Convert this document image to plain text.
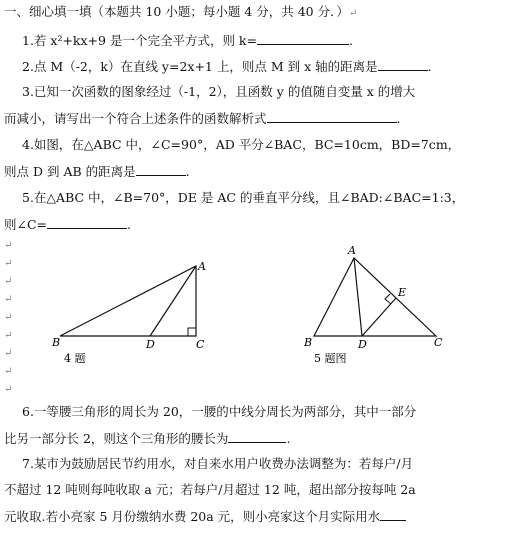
一、细心填一填（本题共 10 小题；每小题 4 分，共 40 分．）↵
1.若 x²+kx+9 是一个完全平方式，则 k=	.
2.点 M（-2，k）在直线 y=2x+1 上，则点 M 到 x 轴的距离是	.
3.已知一次函数的图象经过（-1，2），且函数 y 的值随自变量 x 的增大
而减小，请写出一个符合上述条件的函数解析式	.
4.如图，在△ABC 中，∠C=90°，AD 平分∠BAC，BC=10cm，BD=7cm，
则点 D 到 AB 的距离是	.
5.在△ABC 中，∠B=70°，DE 是 AC 的垂直平分线，且∠BAD:∠BAC=1:3，
则∠C=	.
↵
↵
↵
↵
↵
↵
↵
↵
↵
A
B	D	C
4 题
A
B	D	C
E
5 题图
6.一等腰三角形的周长为 20，一腰的中线分周长为两部分，其中一部分
比另一部分长 2，则这个三角形的腰长为	.
7.某市为鼓励居民节约用水，对自来水用户收费办法调整为：若每户/月
不超过 12 吨则每吨收取 a 元；若每户/月超过 12 吨，超出部分按每吨 2a
元收取.若小亮家 5 月份缴纳水费 20a 元，则小亮家这个月实际用水
